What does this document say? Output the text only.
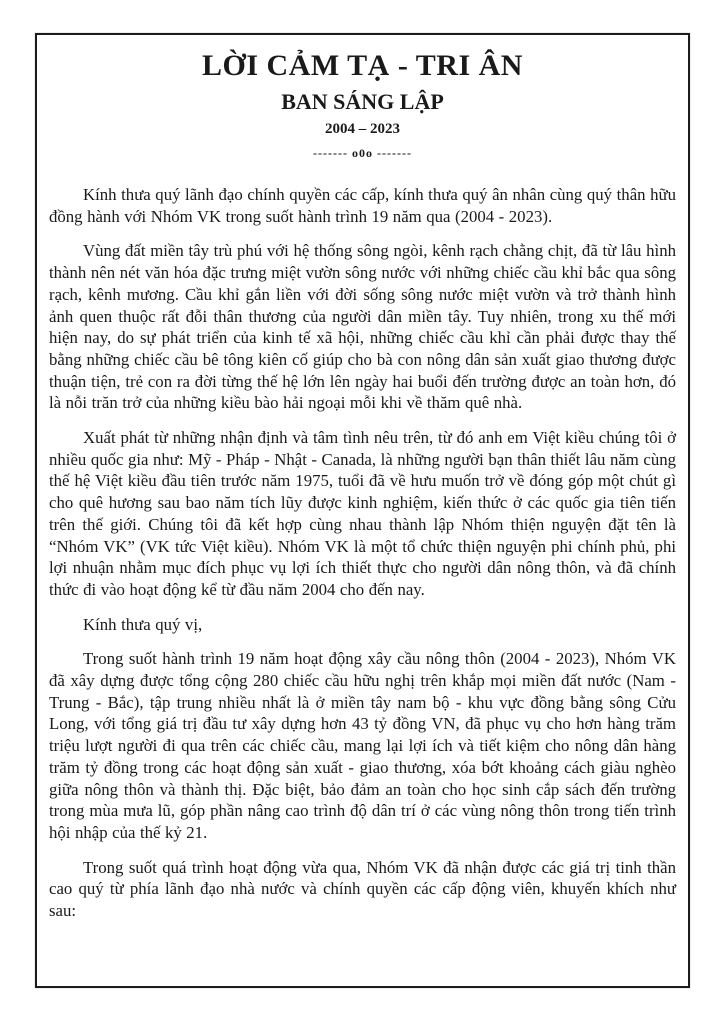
LỜI CẢM TẠ - TRI ÂN
BAN SÁNG LẬP
2004 – 2023
------- o0o -------

Kính thưa quý lãnh đạo chính quyền các cấp, kính thưa quý ân nhân cùng quý thân hữu đồng hành với Nhóm VK trong suốt hành trình 19 năm qua (2004 - 2023).

Vùng đất miền tây trù phú với hệ thống sông ngòi, kênh rạch chằng chịt, đã từ lâu hình thành nên nét văn hóa đặc trưng miệt vườn sông nước với những chiếc cầu khỉ bắc qua sông rạch, kênh mương. Cầu khỉ gắn liền với đời sống sông nước miệt vườn và trở thành hình ảnh quen thuộc rất đỗi thân thương của người dân miền tây. Tuy nhiên, trong xu thế mới hiện nay, do sự phát triển của kinh tế xã hội, những chiếc cầu khỉ cần phải được thay thế bằng những chiếc cầu bê tông kiên cố giúp cho bà con nông dân sản xuất giao thương được thuận tiện, trẻ con ra đời từng thế hệ lớn lên ngày hai buổi đến trường được an toàn hơn, đó là nỗi trăn trở của những kiều bào hải ngoại mỗi khi về thăm quê nhà.

Xuất phát từ những nhận định và tâm tình nêu trên, từ đó anh em Việt kiều chúng tôi ở nhiều quốc gia như: Mỹ - Pháp - Nhật - Canada, là những người bạn thân thiết lâu năm cùng thế hệ Việt kiều đầu tiên trước năm 1975, tuổi đã về hưu muốn trở về đóng góp một chút gì cho quê hương sau bao năm tích lũy được kinh nghiệm, kiến thức ở các quốc gia tiên tiến trên thế giới. Chúng tôi đã kết hợp cùng nhau thành lập Nhóm thiện nguyện đặt tên là “Nhóm VK” (VK tức Việt kiều). Nhóm VK là một tổ chức thiện nguyện phi chính phủ, phi lợi nhuận nhằm mục đích phục vụ lợi ích thiết thực cho người dân nông thôn, và đã chính thức đi vào hoạt động kể từ đầu năm 2004 cho đến nay.

Kính thưa quý vị,

Trong suốt hành trình 19 năm hoạt động xây cầu nông thôn (2004 - 2023), Nhóm VK đã xây dựng được tổng cộng 280 chiếc cầu hữu nghị trên khắp mọi miền đất nước (Nam - Trung - Bắc), tập trung nhiều nhất là ở miền tây nam bộ - khu vực đồng bằng sông Cửu Long, với tổng giá trị đầu tư xây dựng hơn 43 tỷ đồng VN, đã phục vụ cho hơn hàng trăm triệu lượt người đi qua trên các chiếc cầu, mang lại lợi ích và tiết kiệm cho nông dân hàng trăm tỷ đồng trong các hoạt động sản xuất - giao thương, xóa bớt khoảng cách giàu nghèo giữa nông thôn và thành thị. Đặc biệt, bảo đảm an toàn cho học sinh cắp sách đến trường trong mùa mưa lũ, góp phần nâng cao trình độ dân trí ở các vùng nông thôn trong tiến trình hội nhập của thế kỷ 21.

Trong suốt quá trình hoạt động vừa qua, Nhóm VK đã nhận được các giá trị tinh thần cao quý từ phía lãnh đạo nhà nước và chính quyền các cấp động viên, khuyến khích như sau:
